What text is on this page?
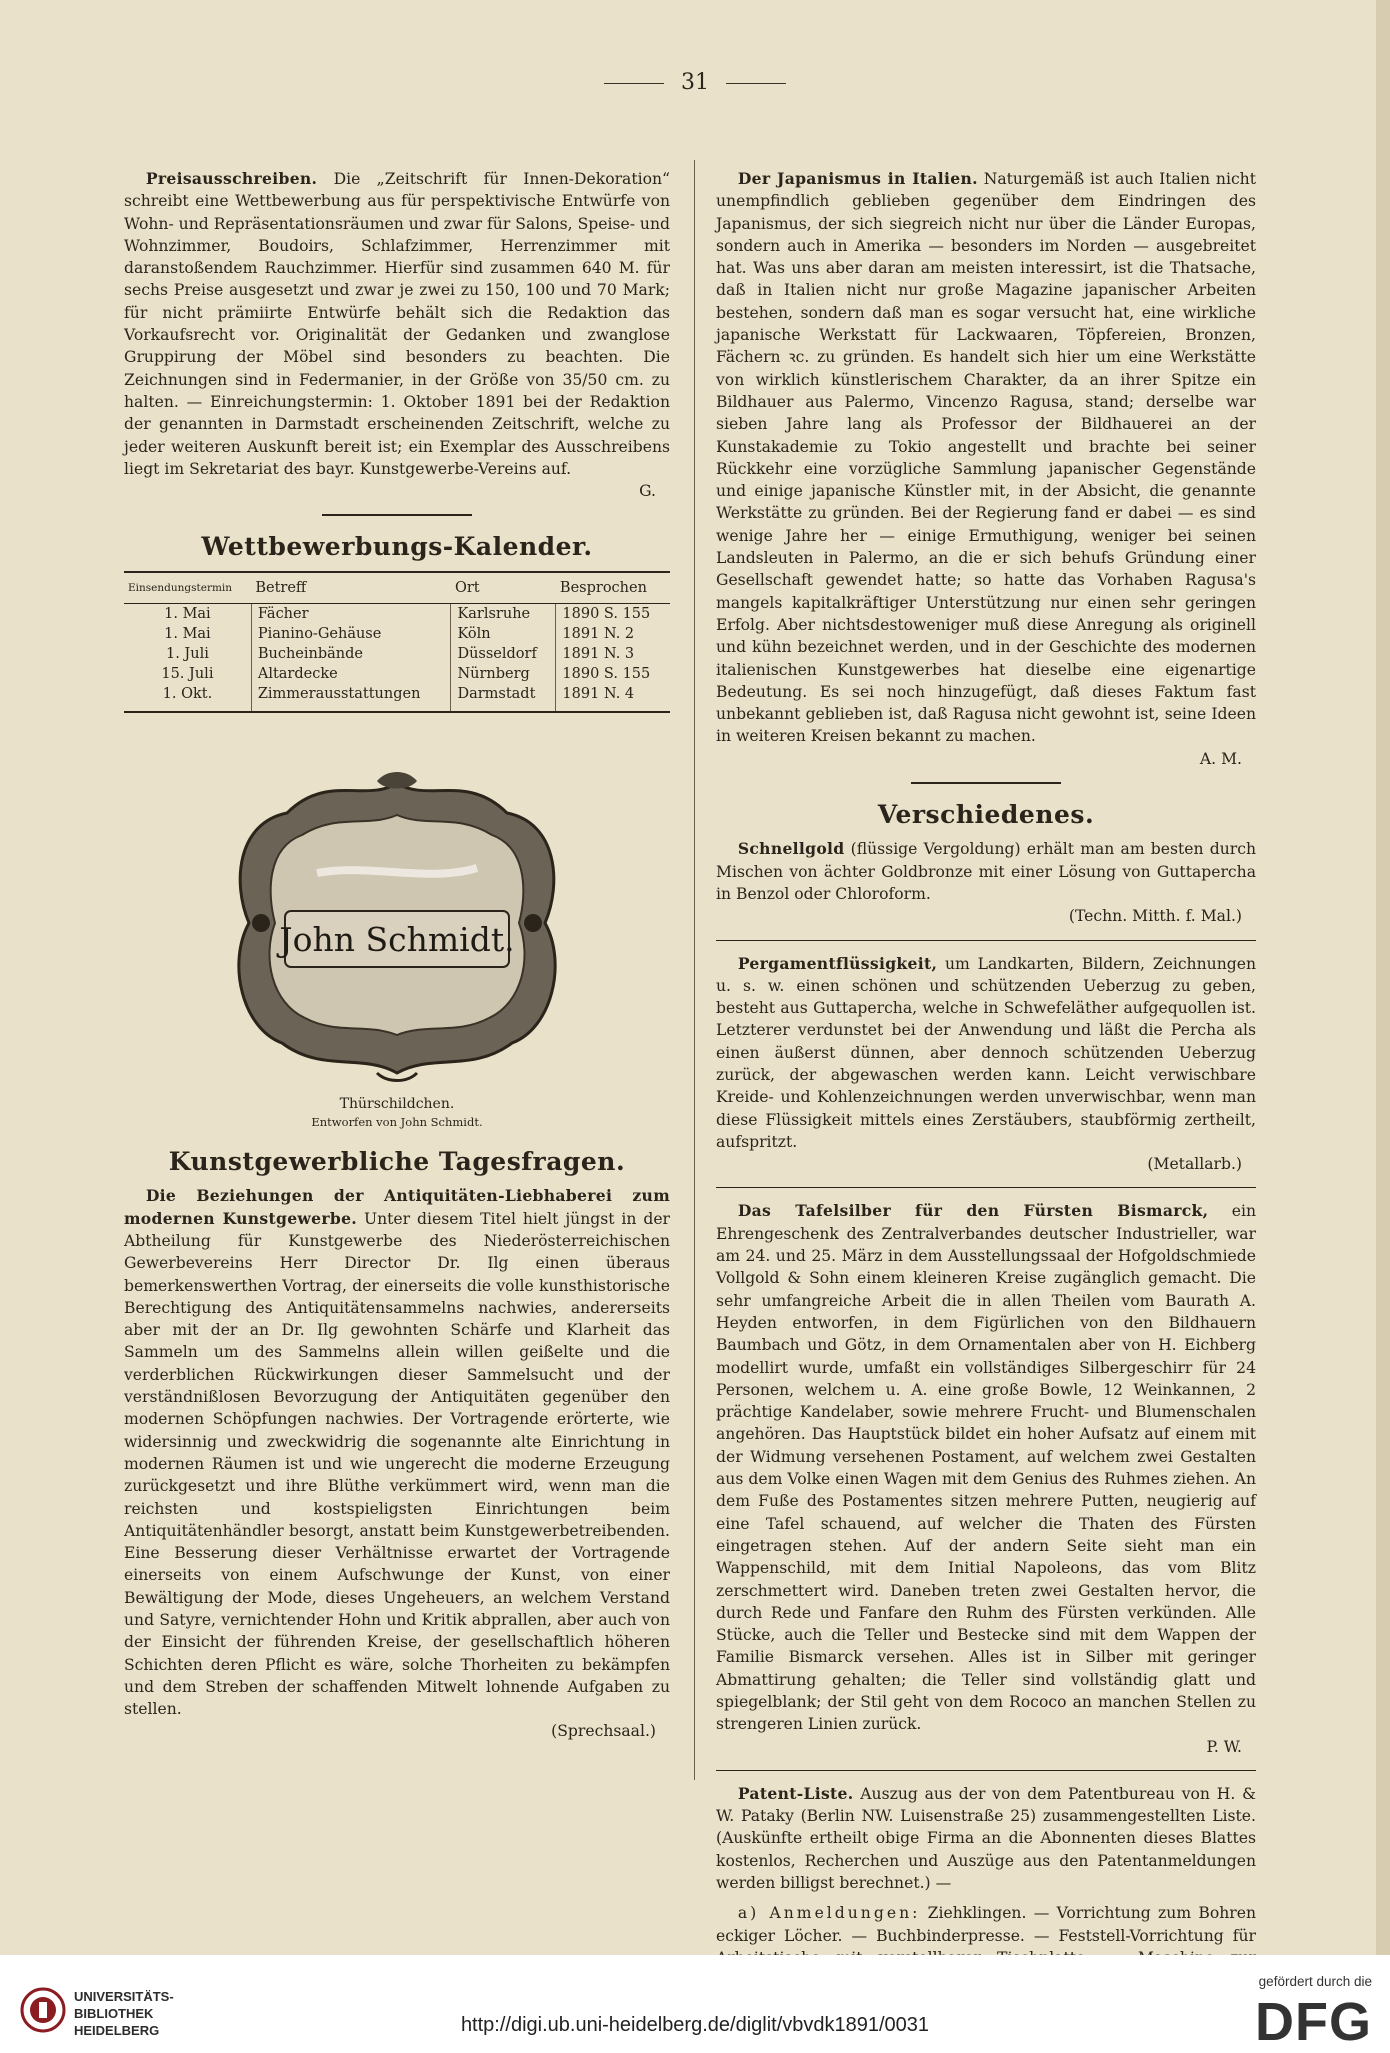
31

Preisausschreiben. Die „Zeitschrift für Innen-Dekoration“ schreibt eine Wettbewerbung aus für perspektivische Entwürfe von Wohn- und Repräsentationsräumen und zwar für Salons, Speise- und Wohnzimmer, Boudoirs, Schlafzimmer, Herrenzimmer mit daranstoßendem Rauchzimmer. Hierfür sind zusammen 640 M. für sechs Preise ausgesetzt und zwar je zwei zu 150, 100 und 70 Mark; für nicht prämiirte Entwürfe behält sich die Redaktion das Vorkaufsrecht vor. Originalität der Gedanken und zwanglose Gruppirung der Möbel sind besonders zu beachten. Die Zeichnungen sind in Federmanier, in der Größe von 35/50 cm. zu halten. — Einreichungstermin: 1. Oktober 1891 bei der Redaktion der genannten in Darmstadt erscheinenden Zeitschrift, welche zu jeder weiteren Auskunft bereit ist; ein Exemplar des Ausschreibens liegt im Sekretariat des bayr. Kunstgewerbe-Vereins auf.
G.

Wettbewerbungs-Kalender.
Einsendungstermin	Betreff	Ort	Besprochen
1. Mai	Fächer	Karlsruhe	1890 S. 155
1. Mai	Pianino-Gehäuse	Köln	1891 N. 2
1. Juli	Bucheinbände	Düsseldorf	1891 N. 3
15. Juli	Altardecke	Nürnberg	1890 S. 155
1. Okt.	Zimmerausstattungen	Darmstadt	1891 N. 4
John Schmidt.
Thürschildchen.
Entworfen von John Schmidt.
Kunstgewerbliche Tagesfragen.

Die Beziehungen der Antiquitäten-Liebhaberei zum modernen Kunstgewerbe. Unter diesem Titel hielt jüngst in der Abtheilung für Kunstgewerbe des Niederösterreichischen Gewerbevereins Herr Director Dr. Ilg einen überaus bemerkenswerthen Vortrag, der einerseits die volle kunsthistorische Berechtigung des Antiquitätensammelns nachwies, andererseits aber mit der an Dr. Ilg gewohnten Schärfe und Klarheit das Sammeln um des Sammelns allein willen geißelte und die verderblichen Rückwirkungen dieser Sammelsucht und der verständnißlosen Bevorzugung der Antiquitäten gegenüber den modernen Schöpfungen nachwies. Der Vortragende erörterte, wie widersinnig und zweckwidrig die sogenannte alte Einrichtung in modernen Räumen ist und wie ungerecht die moderne Erzeugung zurückgesetzt und ihre Blüthe verkümmert wird, wenn man die reichsten und kostspieligsten Einrichtungen beim Antiquitätenhändler besorgt, anstatt beim Kunstgewerbetreibenden. Eine Besserung dieser Verhältnisse erwartet der Vortragende einerseits von einem Aufschwunge der Kunst, von einer Bewältigung der Mode, dieses Ungeheuers, an welchem Verstand und Satyre, vernichtender Hohn und Kritik abprallen, aber auch von der Einsicht der führenden Kreise, der gesellschaftlich höheren Schichten deren Pflicht es wäre, solche Thorheiten zu bekämpfen und dem Streben der schaffenden Mitwelt lohnende Aufgaben zu stellen.
(Sprechsaal.)

Der Japanismus in Italien. Naturgemäß ist auch Italien nicht unempfindlich geblieben gegenüber dem Eindringen des Japanismus, der sich siegreich nicht nur über die Länder Europas, sondern auch in Amerika — besonders im Norden — ausgebreitet hat. Was uns aber daran am meisten interessirt, ist die Thatsache, daß in Italien nicht nur große Magazine japanischer Arbeiten bestehen, sondern daß man es sogar versucht hat, eine wirkliche japanische Werkstatt für Lackwaaren, Töpfereien, Bronzen, Fächern ꝛc. zu gründen. Es handelt sich hier um eine Werkstätte von wirklich künstlerischem Charakter, da an ihrer Spitze ein Bildhauer aus Palermo, Vincenzo Ragusa, stand; derselbe war sieben Jahre lang als Professor der Bildhauerei an der Kunstakademie zu Tokio angestellt und brachte bei seiner Rückkehr eine vorzügliche Sammlung japanischer Gegenstände und einige japanische Künstler mit, in der Absicht, die genannte Werkstätte zu gründen. Bei der Regierung fand er dabei — es sind wenige Jahre her — einige Ermuthigung, weniger bei seinen Landsleuten in Palermo, an die er sich behufs Gründung einer Gesellschaft gewendet hatte; so hatte das Vorhaben Ragusa's mangels kapitalkräftiger Unterstützung nur einen sehr geringen Erfolg. Aber nichtsdestoweniger muß diese Anregung als originell und kühn bezeichnet werden, und in der Geschichte des modernen italienischen Kunstgewerbes hat dieselbe eine eigenartige Bedeutung. Es sei noch hinzugefügt, daß dieses Faktum fast unbekannt geblieben ist, daß Ragusa nicht gewohnt ist, seine Ideen in weiteren Kreisen bekannt zu machen.
A. M.

Verschiedenes.

Schnellgold (flüssige Vergoldung) erhält man am besten durch Mischen von ächter Goldbronze mit einer Lösung von Guttapercha in Benzol oder Chloroform.
(Techn. Mitth. f. Mal.)

Pergamentflüssigkeit, um Landkarten, Bildern, Zeichnungen u. s. w. einen schönen und schützenden Ueberzug zu geben, besteht aus Guttapercha, welche in Schwefeläther aufgequollen ist. Letzterer verdunstet bei der Anwendung und läßt die Percha als einen äußerst dünnen, aber dennoch schützenden Ueberzug zurück, der abgewaschen werden kann. Leicht verwischbare Kreide- und Kohlenzeichnungen werden unverwischbar, wenn man diese Flüssigkeit mittels eines Zerstäubers, staubförmig zertheilt, aufspritzt.
(Metallarb.)

Das Tafelsilber für den Fürsten Bismarck, ein Ehrengeschenk des Zentralverbandes deutscher Industrieller, war am 24. und 25. März in dem Ausstellungssaal der Hofgoldschmiede Vollgold & Sohn einem kleineren Kreise zugänglich gemacht. Die sehr umfangreiche Arbeit die in allen Theilen vom Baurath A. Heyden entworfen, in dem Figürlichen von den Bildhauern Baumbach und Götz, in dem Ornamentalen aber von H. Eichberg modellirt wurde, umfaßt ein vollständiges Silbergeschirr für 24 Personen, welchem u. A. eine große Bowle, 12 Weinkannen, 2 prächtige Kandelaber, sowie mehrere Frucht- und Blumenschalen angehören. Das Hauptstück bildet ein hoher Aufsatz auf einem mit der Widmung versehenen Postament, auf welchem zwei Gestalten aus dem Volke einen Wagen mit dem Genius des Ruhmes ziehen. An dem Fuße des Postamentes sitzen mehrere Putten, neugierig auf eine Tafel schauend, auf welcher die Thaten des Fürsten eingetragen stehen. Auf der andern Seite sieht man ein Wappenschild, mit dem Initial Napoleons, das vom Blitz zerschmettert wird. Daneben treten zwei Gestalten hervor, die durch Rede und Fanfare den Ruhm des Fürsten verkünden. Alle Stücke, auch die Teller und Bestecke sind mit dem Wappen der Familie Bismarck versehen. Alles ist in Silber mit geringer Abmattirung gehalten; die Teller sind vollständig glatt und spiegelblank; der Stil geht von dem Rococo an manchen Stellen zu strengeren Linien zurück.
P. W.

Patent-Liste. Auszug aus der von dem Patentbureau von H. & W. Pataky (Berlin NW. Luisenstraße 25) zusammengestellten Liste. (Auskünfte ertheilt obige Firma an die Abonnenten dieses Blattes kostenlos, Recherchen und Auszüge aus den Patentanmeldungen werden billigst berechnet.) —

a) Anmeldungen: Ziehklingen. — Vorrichtung zum Bohren eckiger Löcher. — Buchbinderpresse. — Feststell-Vorrichtung für

UNIVERSITÄTS-
BIBLIOTHEK
HEIDELBERG	http://digi.ub.uni-heidelberg.de/diglit/vbvdk1891/0031
gefördert durch die
DFG
